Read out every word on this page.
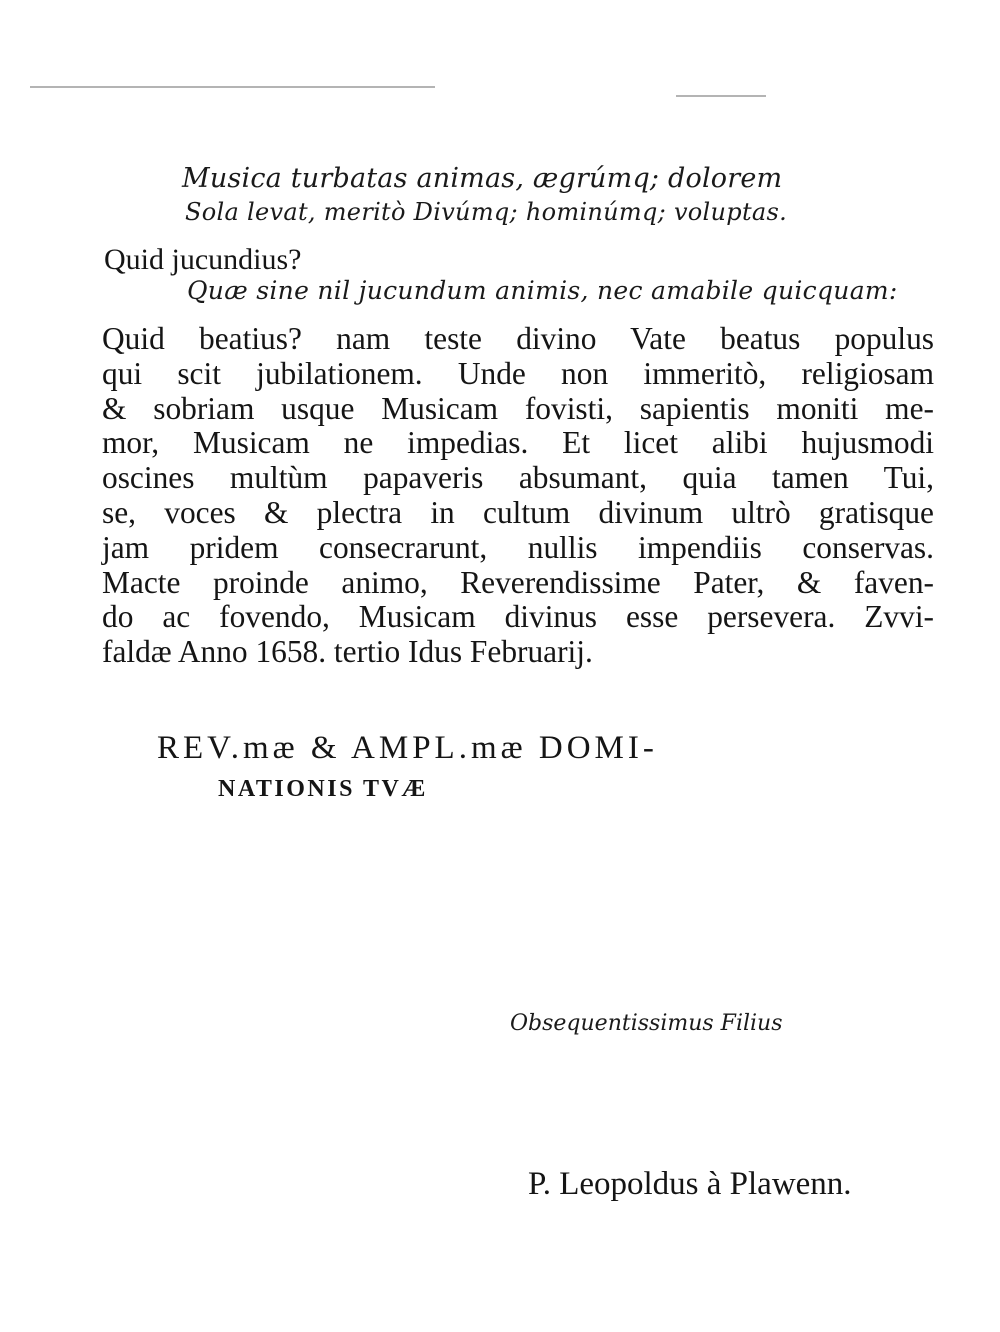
Musica turbatas animas, ægrúmq; dolorem
Sola levat, meritò Divúmq; hominúmq; voluptas.
Quid jucundius?
Quæ sine nil jucundum animis, nec amabile quicquam:
Quid beatius? nam teste divino Vate beatus populus
qui scit jubilationem. Unde non immeritò, religiosam
& sobriam usque Musicam fovisti, sapientis moniti me-
mor, Musicam ne impedias. Et licet alibi hujusmodi
oscines multùm papaveris absumant, quia tamen Tui,
se, voces & plectra in cultum divinum ultrò gratisque
jam pridem consecrarunt, nullis impendiis conservas.
Macte proinde animo, Reverendissime Pater, & faven-
do ac fovendo, Musicam divinus esse persevera. Zvvi-
faldæ Anno 1658. tertio Idus Februarij.
REV.mæ & AMPL.mæ DOMI-
NATIONIS TVÆ
Obsequentissimus Filius
P. Leopoldus à Plawenn.
